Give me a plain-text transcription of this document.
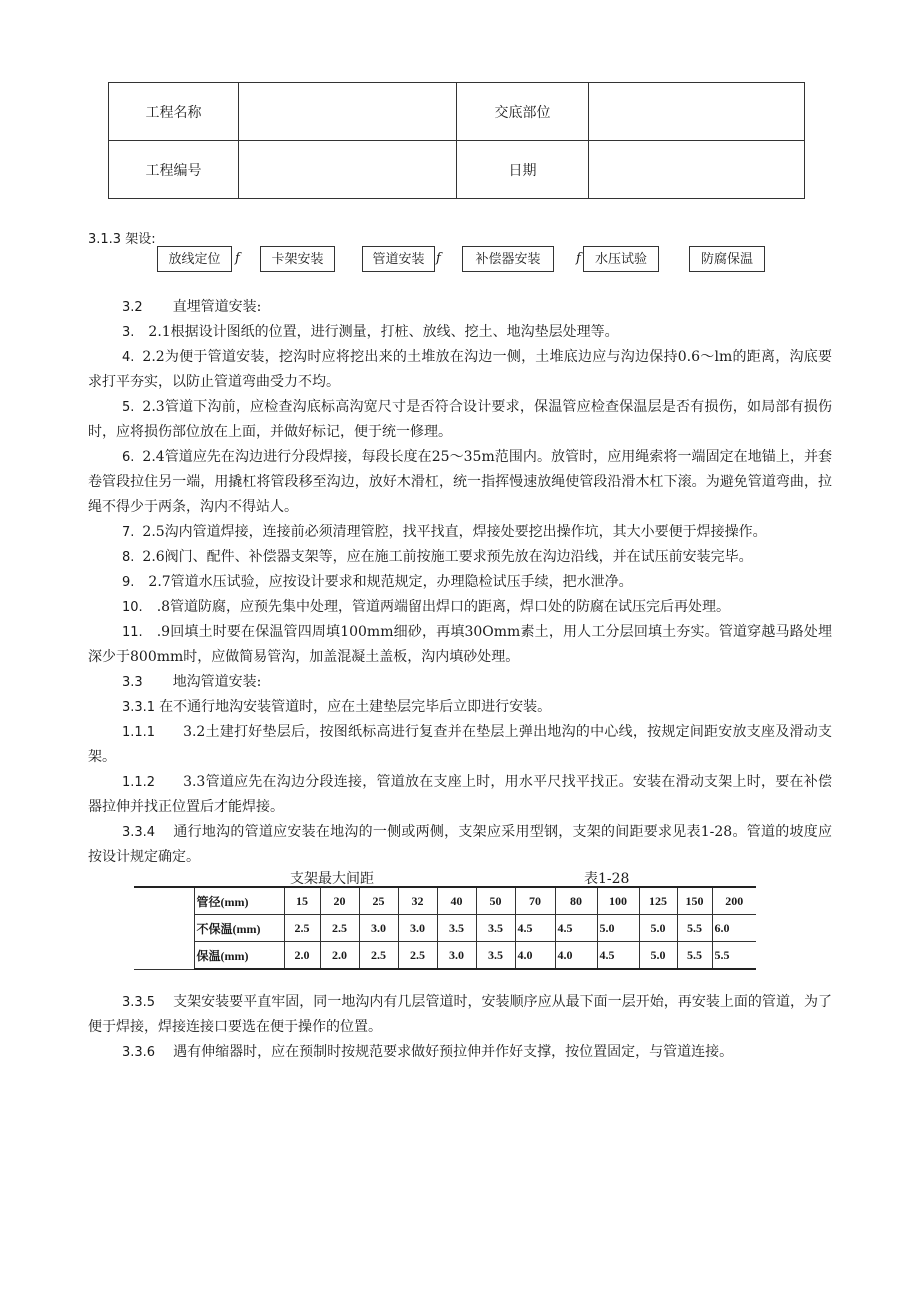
工程名称		交底部位	
工程编号		日期	
3.1.3 架设:
放线定位	f	卡架安装	管道安装 f	补偿器安装	f	水压试验	防腐保温
3.2 直埋管道安装:
3. 2.1根据设计图纸的位置，进行测量，打桩、放线、挖土、地沟垫层处理等。
4. 2.2为便于管道安装，挖沟时应将挖出来的土堆放在沟边一侧，土堆底边应与沟边保持0.6～lm的距离，沟底要求打平夯实，以防止管道弯曲受力不均。
5. 2.3管道下沟前，应检查沟底标高沟宽尺寸是否符合设计要求，保温管应检查保温层是否有损伤，如局部有损伤时，应将损伤部位放在上面，并做好标记，便于统一修理。
6. 2.4管道应先在沟边进行分段焊接，每段长度在25～35m范围内。放管时，应用绳索将一端固定在地锚上，并套卷管段拉住另一端，用撬杠将管段移至沟边，放好木滑杠，统一指挥慢速放绳使管段沿滑木杠下滚。为避免管道弯曲，拉绳不得少于两条，沟内不得站人。
7. 2.5沟内管道焊接，连接前必须清理管腔，找平找直，焊接处要挖出操作坑，其大小要便于焊接操作。
8. 2.6阀门、配件、补偿器支架等，应在施工前按施工要求预先放在沟边沿线，并在试压前安装完毕。
9. 2.7管道水压试验，应按设计要求和规范规定，办理隐检试压手续，把水泄净。
10. .8管道防腐，应预先集中处理，管道两端留出焊口的距离，焊口处的防腐在试压完后再处理。
11. .9回填土时要在保温管四周填100mm细砂，再填30Omm素土，用人工分层回填土夯实。管道穿越马路处埋深少于800mm时，应做简易管沟，加盖混凝土盖板，沟内填砂处理。
3.3 地沟管道安装:
3.3.1 在不通行地沟安装管道时，应在土建垫层完毕后立即进行安装。
1.1.1 3.2土建打好垫层后，按图纸标高进行复查并在垫层上弹出地沟的中心线，按规定间距安放支座及滑动支架。
1.1.2 3.3管道应先在沟边分段连接，管道放在支座上时，用水平尺找平找正。安装在滑动支架上时，要在补偿器拉伸并找正位置后才能焊接。
3.3.4 通行地沟的管道应安装在地沟的一侧或两侧，支架应采用型钢，支架的间距要求见表1-28。管道的坡度应按设计规定确定。
支架最大间距	表1-28
	管径(mm)	15	20	25	32	40	50	70	80	100	125	150	200
	不保温(mm)	2.5	2.5	3.0	3.0	3.5	3.5	4.5	4.5	5.0	5.0	5.5	6.0
	保温(mm)	2.0	2.0	2.5	2.5	3.0	3.5	4.0	4.0	4.5	5.0	5.5	5.5
3.3.5 支架安装要平直牢固，同一地沟内有几层管道时，安装顺序应从最下面一层开始，再安装上面的管道，为了便于焊接，焊接连接口要选在便于操作的位置。
3.3.6 遇有伸缩器时，应在预制时按规范要求做好预拉伸并作好支撑，按位置固定，与管道连接。
